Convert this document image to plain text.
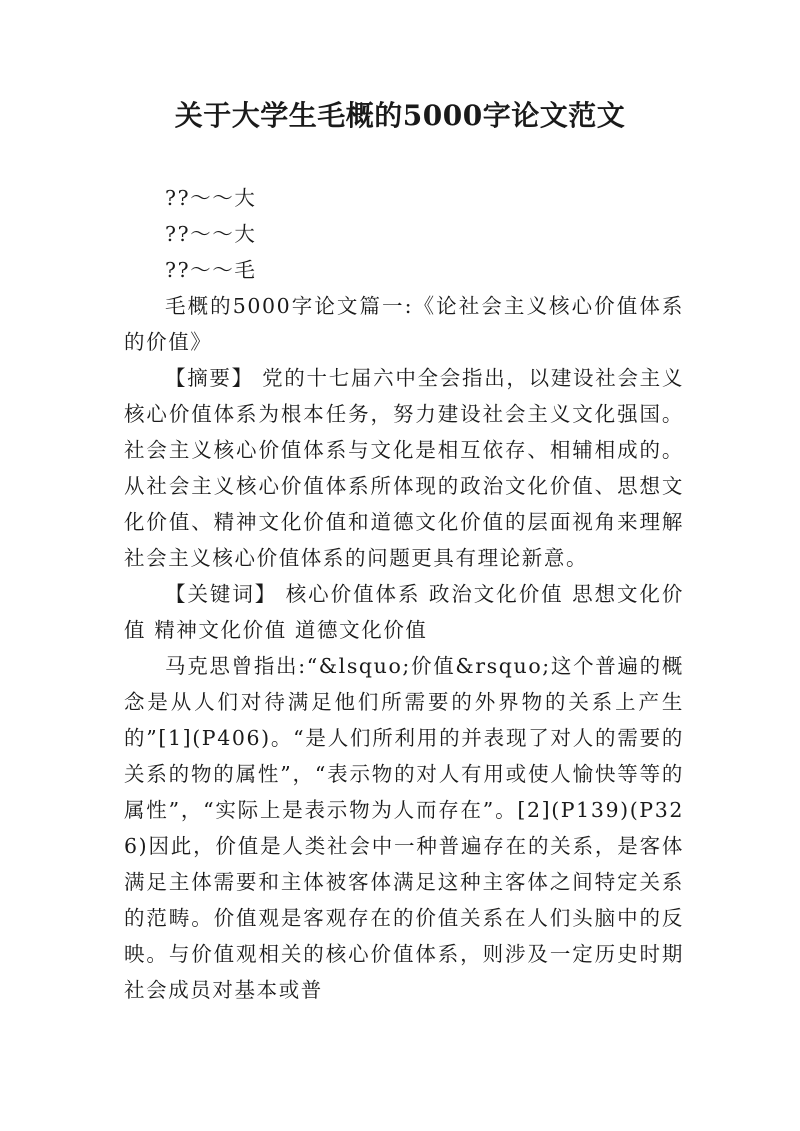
关于大学生毛概的5000字论文范文

??～～大

??～～大

??～～毛

毛概的5000字论文篇一:《论社会主义核心价值体系的价值》

【摘要】 党的十七届六中全会指出，以建设社会主义核心价值体系为根本任务，努力建设社会主义文化强国。社会主义核心价值体系与文化是相互依存、相辅相成的。从社会主义核心价值体系所体现的政治文化价值、思想文化价值、精神文化价值和道德文化价值的层面视角来理解社会主义核心价值体系的问题更具有理论新意。

【关键词】 核心价值体系 政治文化价值 思想文化价值 精神文化价值 道德文化价值

马克思曾指出:“&lsquo;价值&rsquo;这个普遍的概念是从人们对待满足他们所需要的外界物的关系上产生的”[1](P406)。“是人们所利用的并表现了对人的需要的关系的物的属性”，“表示物的对人有用或使人愉快等等的属性”，“实际上是表示物为人而存在”。[2](P139)(P326)因此，价值是人类社会中一种普遍存在的关系，是客体满足主体需要和主体被客体满足这种主客体之间特定关系的范畴。价值观是客观存在的价值关系在人们头脑中的反映。与价值观相关的核心价值体系，则涉及一定历史时期社会成员对基本或普
